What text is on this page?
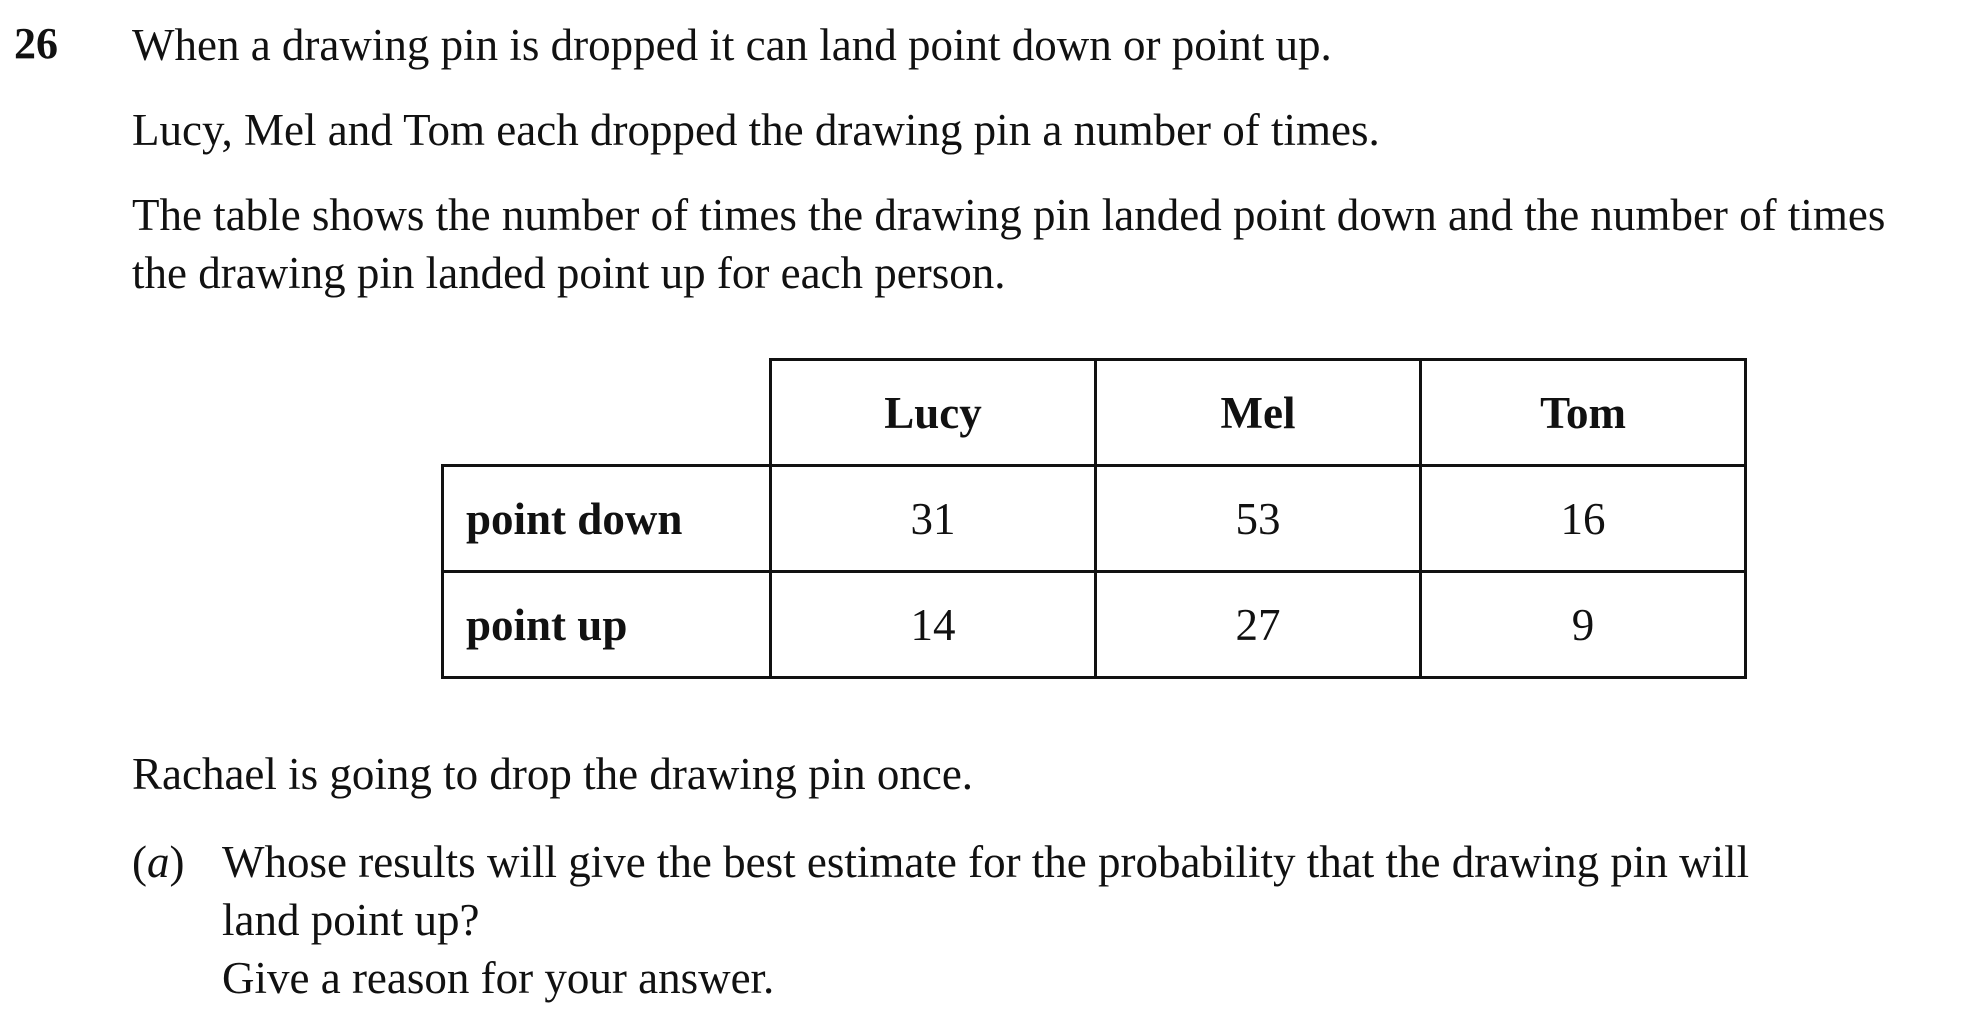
26 When a drawing pin is dropped it can land point down or point up.

Lucy, Mel and Tom each dropped the drawing pin a number of times.

The table shows the number of times the drawing pin landed point down and the number of times the drawing pin landed point up for each person.

	Lucy	Mel	Tom
point down	31	53	16
point up	14	27	9

Rachael is going to drop the drawing pin once.

(a) Whose results will give the best estimate for the probability that the drawing pin will
land point up?
Give a reason for your answer.
